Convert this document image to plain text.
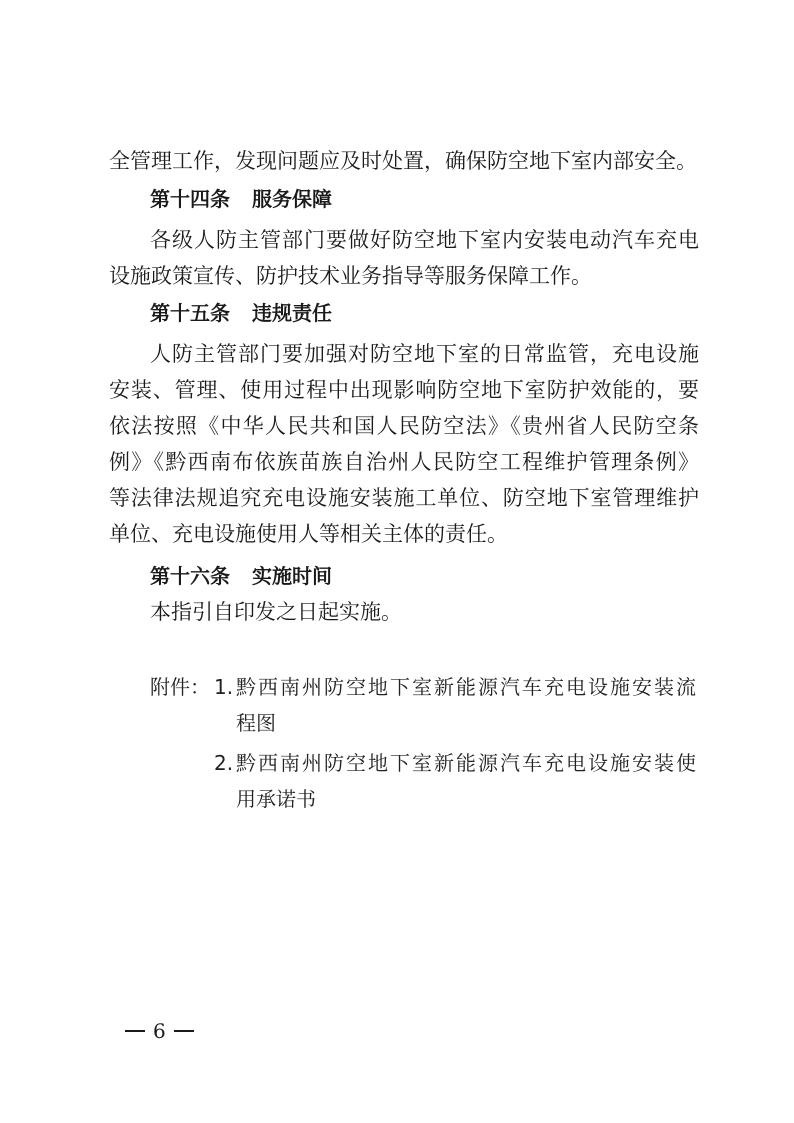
全管理工作，发现问题应及时处置，确保防空地下室内部安全。
第十四条 服务保障
各级人防主管部门要做好防空地下室内安装电动汽车充电
设施政策宣传、防护技术业务指导等服务保障工作。
第十五条 违规责任
人防主管部门要加强对防空地下室的日常监管，充电设施
安装、管理、使用过程中出现影响防空地下室防护效能的，要
依法按照《中华人民共和国人民防空法》《贵州省人民防空条
例》《黔西南布依族苗族自治州人民防空工程维护管理条例》
等法律法规追究充电设施安装施工单位、防空地下室管理维护
单位、充电设施使用人等相关主体的责任。
第十六条 实施时间
本指引自印发之日起实施。
附件： 1. 黔西南州防空地下室新能源汽车充电设施安装流
程图
2. 黔西南州防空地下室新能源汽车充电设施安装使
用承诺书
6
